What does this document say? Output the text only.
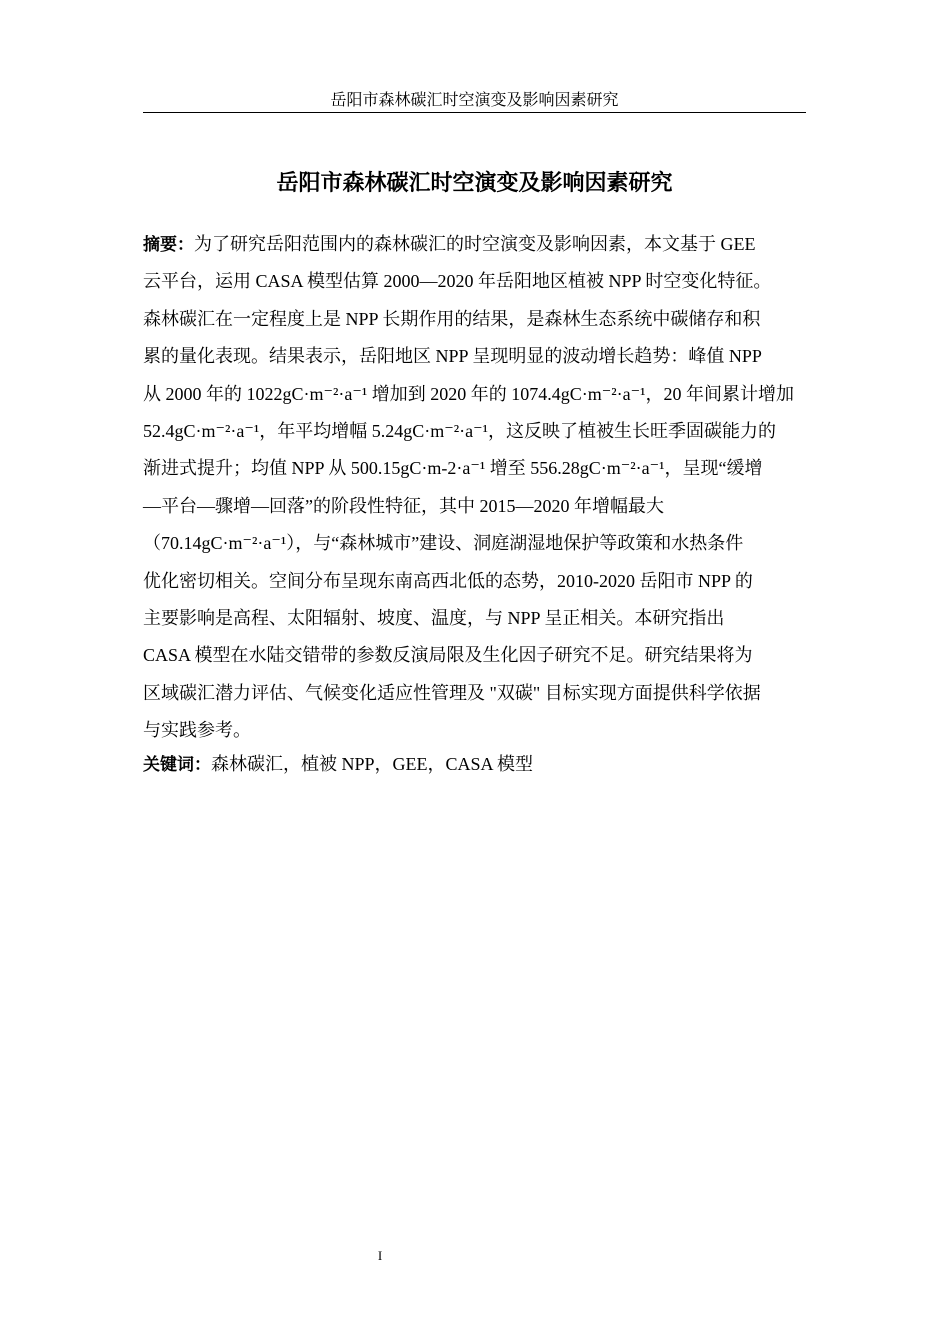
岳阳市森林碳汇时空演变及影响因素研究
岳阳市森林碳汇时空演变及影响因素研究
摘要：为了研究岳阳范围内的森林碳汇的时空演变及影响因素，本文基于 GEE
云平台，运用 CASA 模型估算 2000—2020 年岳阳地区植被 NPP 时空变化特征。
森林碳汇在一定程度上是 NPP 长期作用的结果，是森林生态系统中碳储存和积
累的量化表现。结果表示，岳阳地区 NPP 呈现明显的波动增长趋势：峰值 NPP
从 2000 年的 1022gC·m⁻²·a⁻¹ 增加到 2020 年的 1074.4gC·m⁻²·a⁻¹，20 年间累计增加
52.4gC·m⁻²·a⁻¹，年平均增幅 5.24gC·m⁻²·a⁻¹，这反映了植被生长旺季固碳能力的
渐进式提升；均值 NPP 从 500.15gC·m-2·a⁻¹ 增至 556.28gC·m⁻²·a⁻¹，呈现“缓增
—平台—骤增—回落”的阶段性特征，其中 2015—2020 年增幅最大
（70.14gC·m⁻²·a⁻¹），与“森林城市”建设、洞庭湖湿地保护等政策和水热条件
优化密切相关。空间分布呈现东南高西北低的态势，2010-2020 岳阳市 NPP 的
主要影响是高程、太阳辐射、坡度、温度，与 NPP 呈正相关。本研究指出
CASA 模型在水陆交错带的参数反演局限及生化因子研究不足。研究结果将为
区域碳汇潜力评估、气候变化适应性管理及 "双碳" 目标实现方面提供科学依据
与实践参考。
关键词：森林碳汇，植被 NPP，GEE，CASA 模型
I
